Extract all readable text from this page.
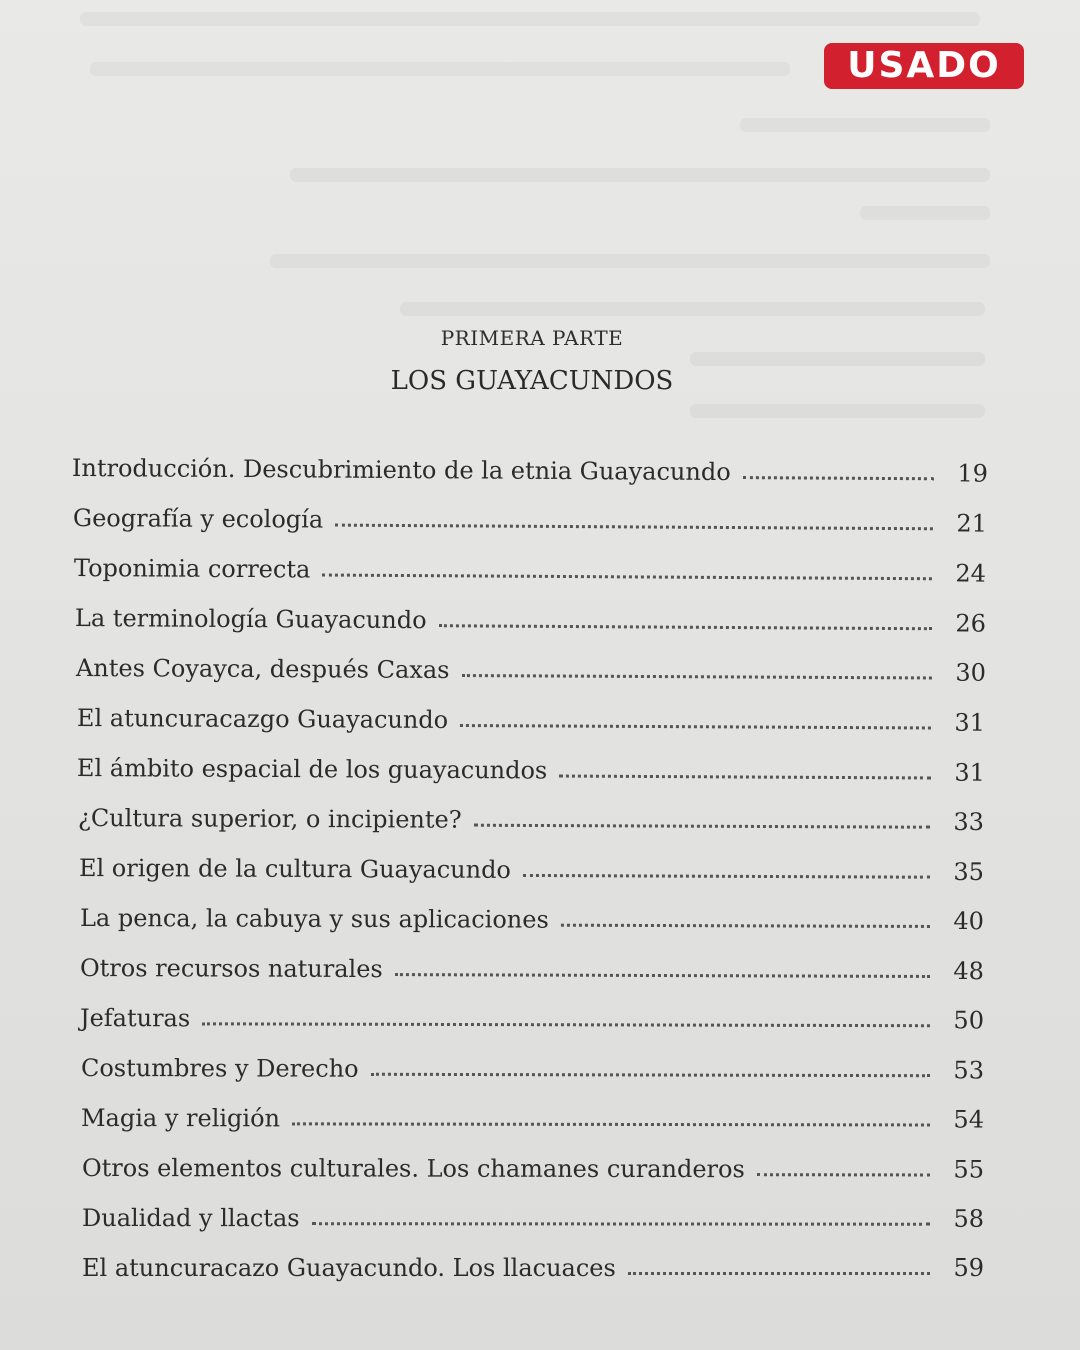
USADO
PRIMERA PARTE
LOS GUAYACUNDOS
Introducción. Descubrimiento de la etnia Guayacundo	19
Geografía y ecología	21
Toponimia correcta	24
La terminología Guayacundo	26
Antes Coyayca, después Caxas	30
El atuncuracazgo Guayacundo	31
El ámbito espacial de los guayacundos	31
¿Cultura superior, o incipiente?	33
El origen de la cultura Guayacundo	35
La penca, la cabuya y sus aplicaciones	40
Otros recursos naturales	48
Jefaturas	50
Costumbres y Derecho	53
Magia y religión	54
Otros elementos culturales. Los chamanes curanderos	55
Dualidad y llactas	58
El atuncuracazo Guayacundo. Los llacuaces	59
